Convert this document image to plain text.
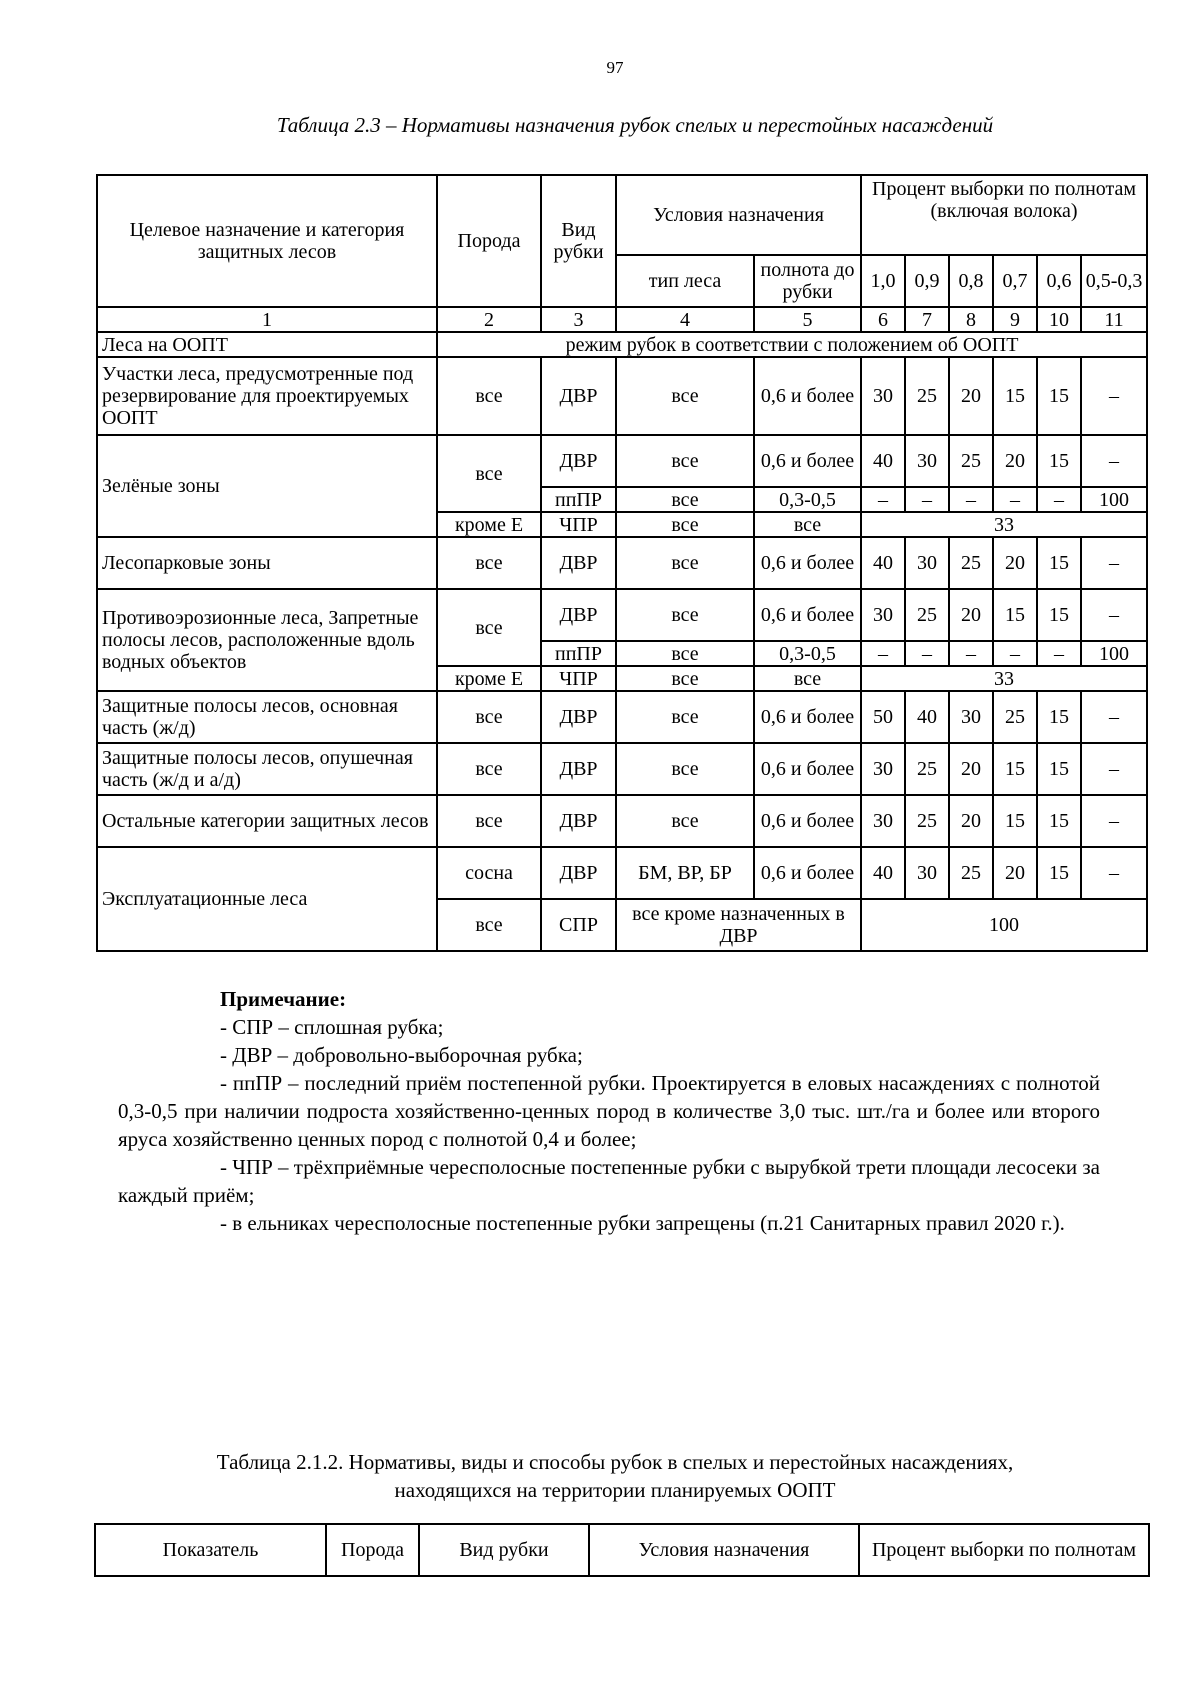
97
Таблица 2.3 – Нормативы назначения рубок спелых и перестойных насаждений
Целевое назначение и категория защитных лесов	Порода	Вид рубки	Условия назначения		Процент выборки по полнотам (включая волока)					
			тип леса	полнота до рубки	1,0	0,9	0,8	0,7	0,6	0,5-0,3
1	2	3	4	5	6	7	8	9	10	11
Леса на ООПТ	режим рубок в соответствии с положением об ООПТ									
Участки леса, предусмотренные под резервирование для проектируемых ООПТ	все	ДВР	все	0,6 и более	30	25	20	15	15	–
Зелёные зоны	все	ДВР	все	0,6 и более	40	30	25	20	15	–
		ппПР	все	0,3-0,5	–	–	–	–	–	100
	кроме Е	ЧПР	все	все	33					
Лесопарковые зоны	все	ДВР	все	0,6 и более	40	30	25	20	15	–
Противоэрозионные леса, Запретные полосы лесов, расположенные вдоль водных объектов	все	ДВР	все	0,6 и более	30	25	20	15	15	–
		ппПР	все	0,3-0,5	–	–	–	–	–	100
	кроме Е	ЧПР	все	все	33					
Защитные полосы лесов, основная часть (ж/д)	все	ДВР	все	0,6 и более	50	40	30	25	15	–
Защитные полосы лесов, опушечная часть (ж/д и а/д)	все	ДВР	все	0,6 и более	30	25	20	15	15	–
Остальные категории защитных лесов	все	ДВР	все	0,6 и более	30	25	20	15	15	–
Эксплуатационные леса	сосна	ДВР	БМ, ВР, БР	0,6 и более	40	30	25	20	15	–
	все	СПР	все кроме назначенных в ДВР		100					

Примечание:

- СПР – сплошная рубка;

- ДВР – добровольно-выборочная рубка;

- ппПР – последний приём постепенной рубки. Проектируется в еловых насаждениях с полнотой 0,3-0,5 при наличии подроста хозяйственно-ценных пород в количестве 3,0 тыс. шт./га и более или второго яруса хозяйственно ценных пород с полнотой 0,4 и более;

- ЧПР – трёхприёмные чересполосные постепенные рубки с вырубкой трети площади лесосеки за каждый приём;

- в ельниках чересполосные постепенные рубки запрещены (п.21 Санитарных правил 2020 г.).

Таблица 2.1.2. Нормативы, виды и способы рубок в спелых и перестойных насаждениях,
находящихся на территории планируемых ООПТ
Показатель	Порода	Вид рубки	Условия назначения	Процент выборки по полнотам
